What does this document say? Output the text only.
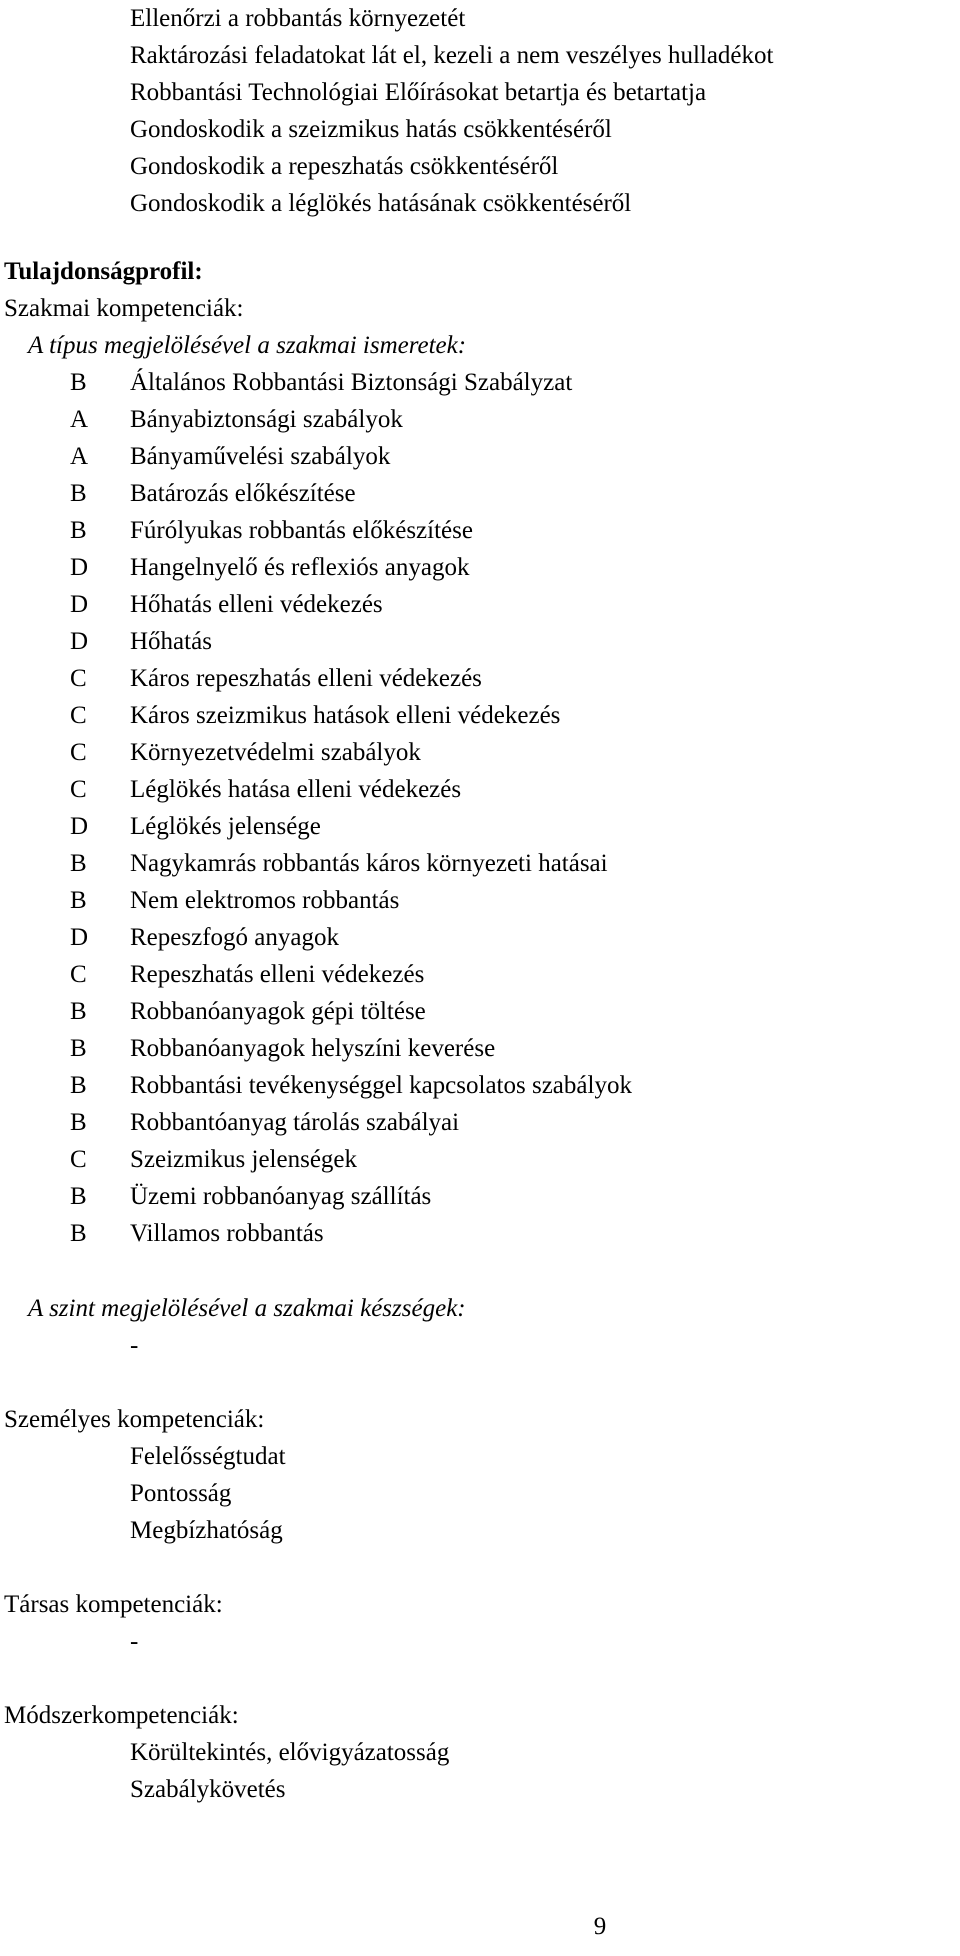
Ellenőrzi a robbantás környezetét
Raktározási feladatokat lát el, kezeli a nem veszélyes hulladékot
Robbantási Technológiai Előírásokat betartja és betartatja
Gondoskodik a szeizmikus hatás csökkentéséről
Gondoskodik a repeszhatás csökkentéséről
Gondoskodik a léglökés hatásának csökkentéséről
Tulajdonságprofil:
Szakmai kompetenciák:
A típus megjelölésével a szakmai ismeretek:
B	Általános Robbantási Biztonsági Szabályzat
A	Bányabiztonsági szabályok
A	Bányaművelési szabályok
B	Batározás előkészítése
B	Fúrólyukas robbantás előkészítése
D	Hangelnyelő és reflexiós anyagok
D	Hőhatás elleni védekezés
D	Hőhatás
C	Káros repeszhatás elleni védekezés
C	Káros szeizmikus hatások elleni védekezés
C	Környezetvédelmi szabályok
C	Léglökés hatása elleni védekezés
D	Léglökés jelensége
B	Nagykamrás robbantás káros környezeti hatásai
B	Nem elektromos robbantás
D	Repeszfogó anyagok
C	Repeszhatás elleni védekezés
B	Robbanóanyagok gépi töltése
B	Robbanóanyagok helyszíni keverése
B	Robbantási tevékenységgel kapcsolatos szabályok
B	Robbantóanyag tárolás szabályai
C	Szeizmikus jelenségek
B	Üzemi robbanóanyag szállítás
B	Villamos robbantás
A szint megjelölésével a szakmai készségek:
-
Személyes kompetenciák:
Felelősségtudat
Pontosság
Megbízhatóság
Társas kompetenciák:
-
Módszerkompetenciák:
Körültekintés, elővigyázatosság
Szabálykövetés
9
